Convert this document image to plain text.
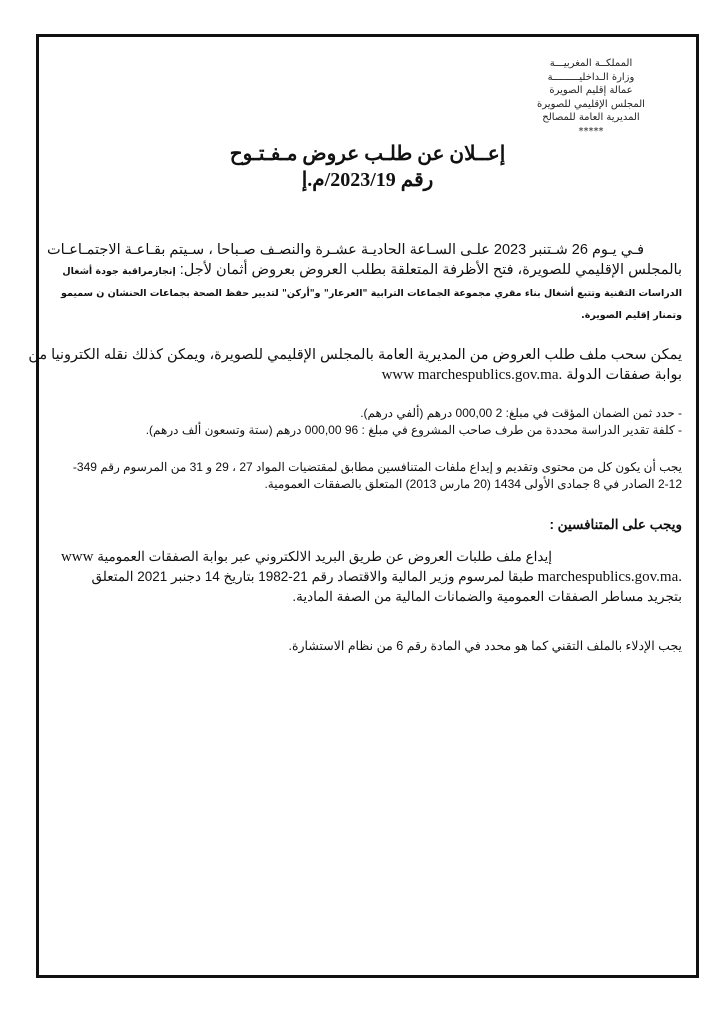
المملكــة المغربيـــة
وزارة الـداخليـــــــــة
عمالة إقليم الصويرة
المجلس الإقليمي للصويرة
المديرية العامة للمصالح
*****
إعــلان عن طلـب عروض مـفـتـوح
رقم 2023/19/م.إ
فـي يـوم 26 شـتنبر 2023 علـى السـاعة الحاديـة عشـرة والنصـف صـباحا ، سـيتم بقـاعـة الاجتمـاعـات
بالمجلس الإقليمي للصويرة، فتح الأظرفة المتعلقة بطلب العروض بعروض أثمان لأجل: إنجازمراقبة جودة أشغال
الدراسات التقنية وتتبع أشغال بناء مقري مجموعة الجماعات الترابية "العرعار" و"أركن" لتديير حفظ الصحة بجماعات الحنشان ن سميمو
وتمنار إقليم الصويرة.
يمكن سحب ملف طلب العروض من المديرية العامة بالمجلس الإقليمي للصويرة، ويمكن كذلك نقله الكترونيا من
بوابة صفقات الدولة www marchespublics.gov.ma.
- حدد ثمن الضمان المؤقت في مبلغ: 2 000,00 درهم (ألفي درهم).
- كلفة تقدير الدراسة محددة من طرف صاحب المشروع في مبلغ : 96 000,00 درهم (ستة وتسعون ألف درهم).
يجب أن يكون كل من محتوى وتقديم و إيداع ملفات المتنافسين مطابق لمقتضيات المواد 27 ، 29 و 31 من المرسوم رقم 349-
2-12 الصادر في 8 جمادى الأولى 1434 (20 مارس 2013) المتعلق بالصفقات العمومية.
ويجب على المتنافسين :
إيداع ملف طلبات العروض عن طريق البريد الالكتروني عبر بوابة الصفقات العمومية www
marchespublics.gov.ma. طبقا لمرسوم وزير المالية والاقتصاد رقم 21-1982 بتاريخ 14 دجنبر 2021 المتعلق
بتجريد مساطر الصفقات العمومية والضمانات المالية من الصفة المادية.
يجب الإدلاء بالملف التقني كما هو محدد في المادة رقم 6 من نظام الاستشارة.
